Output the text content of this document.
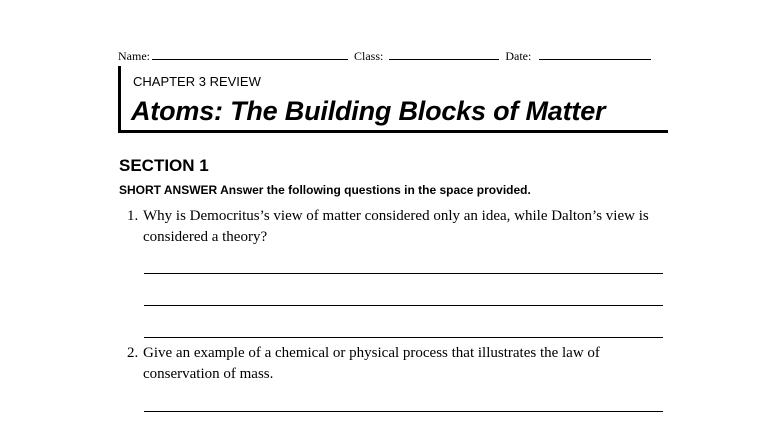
Name:	Class:	Date:
CHAPTER 3 REVIEW
Atoms: The Building Blocks of Matter
SECTION 1
SHORT ANSWER Answer the following questions in the space provided.
1. Why is Democritus’s view of matter considered only an idea, while Dalton’s view is considered a theory?
2. Give an example of a chemical or physical process that illustrates the law of conservation of mass.
